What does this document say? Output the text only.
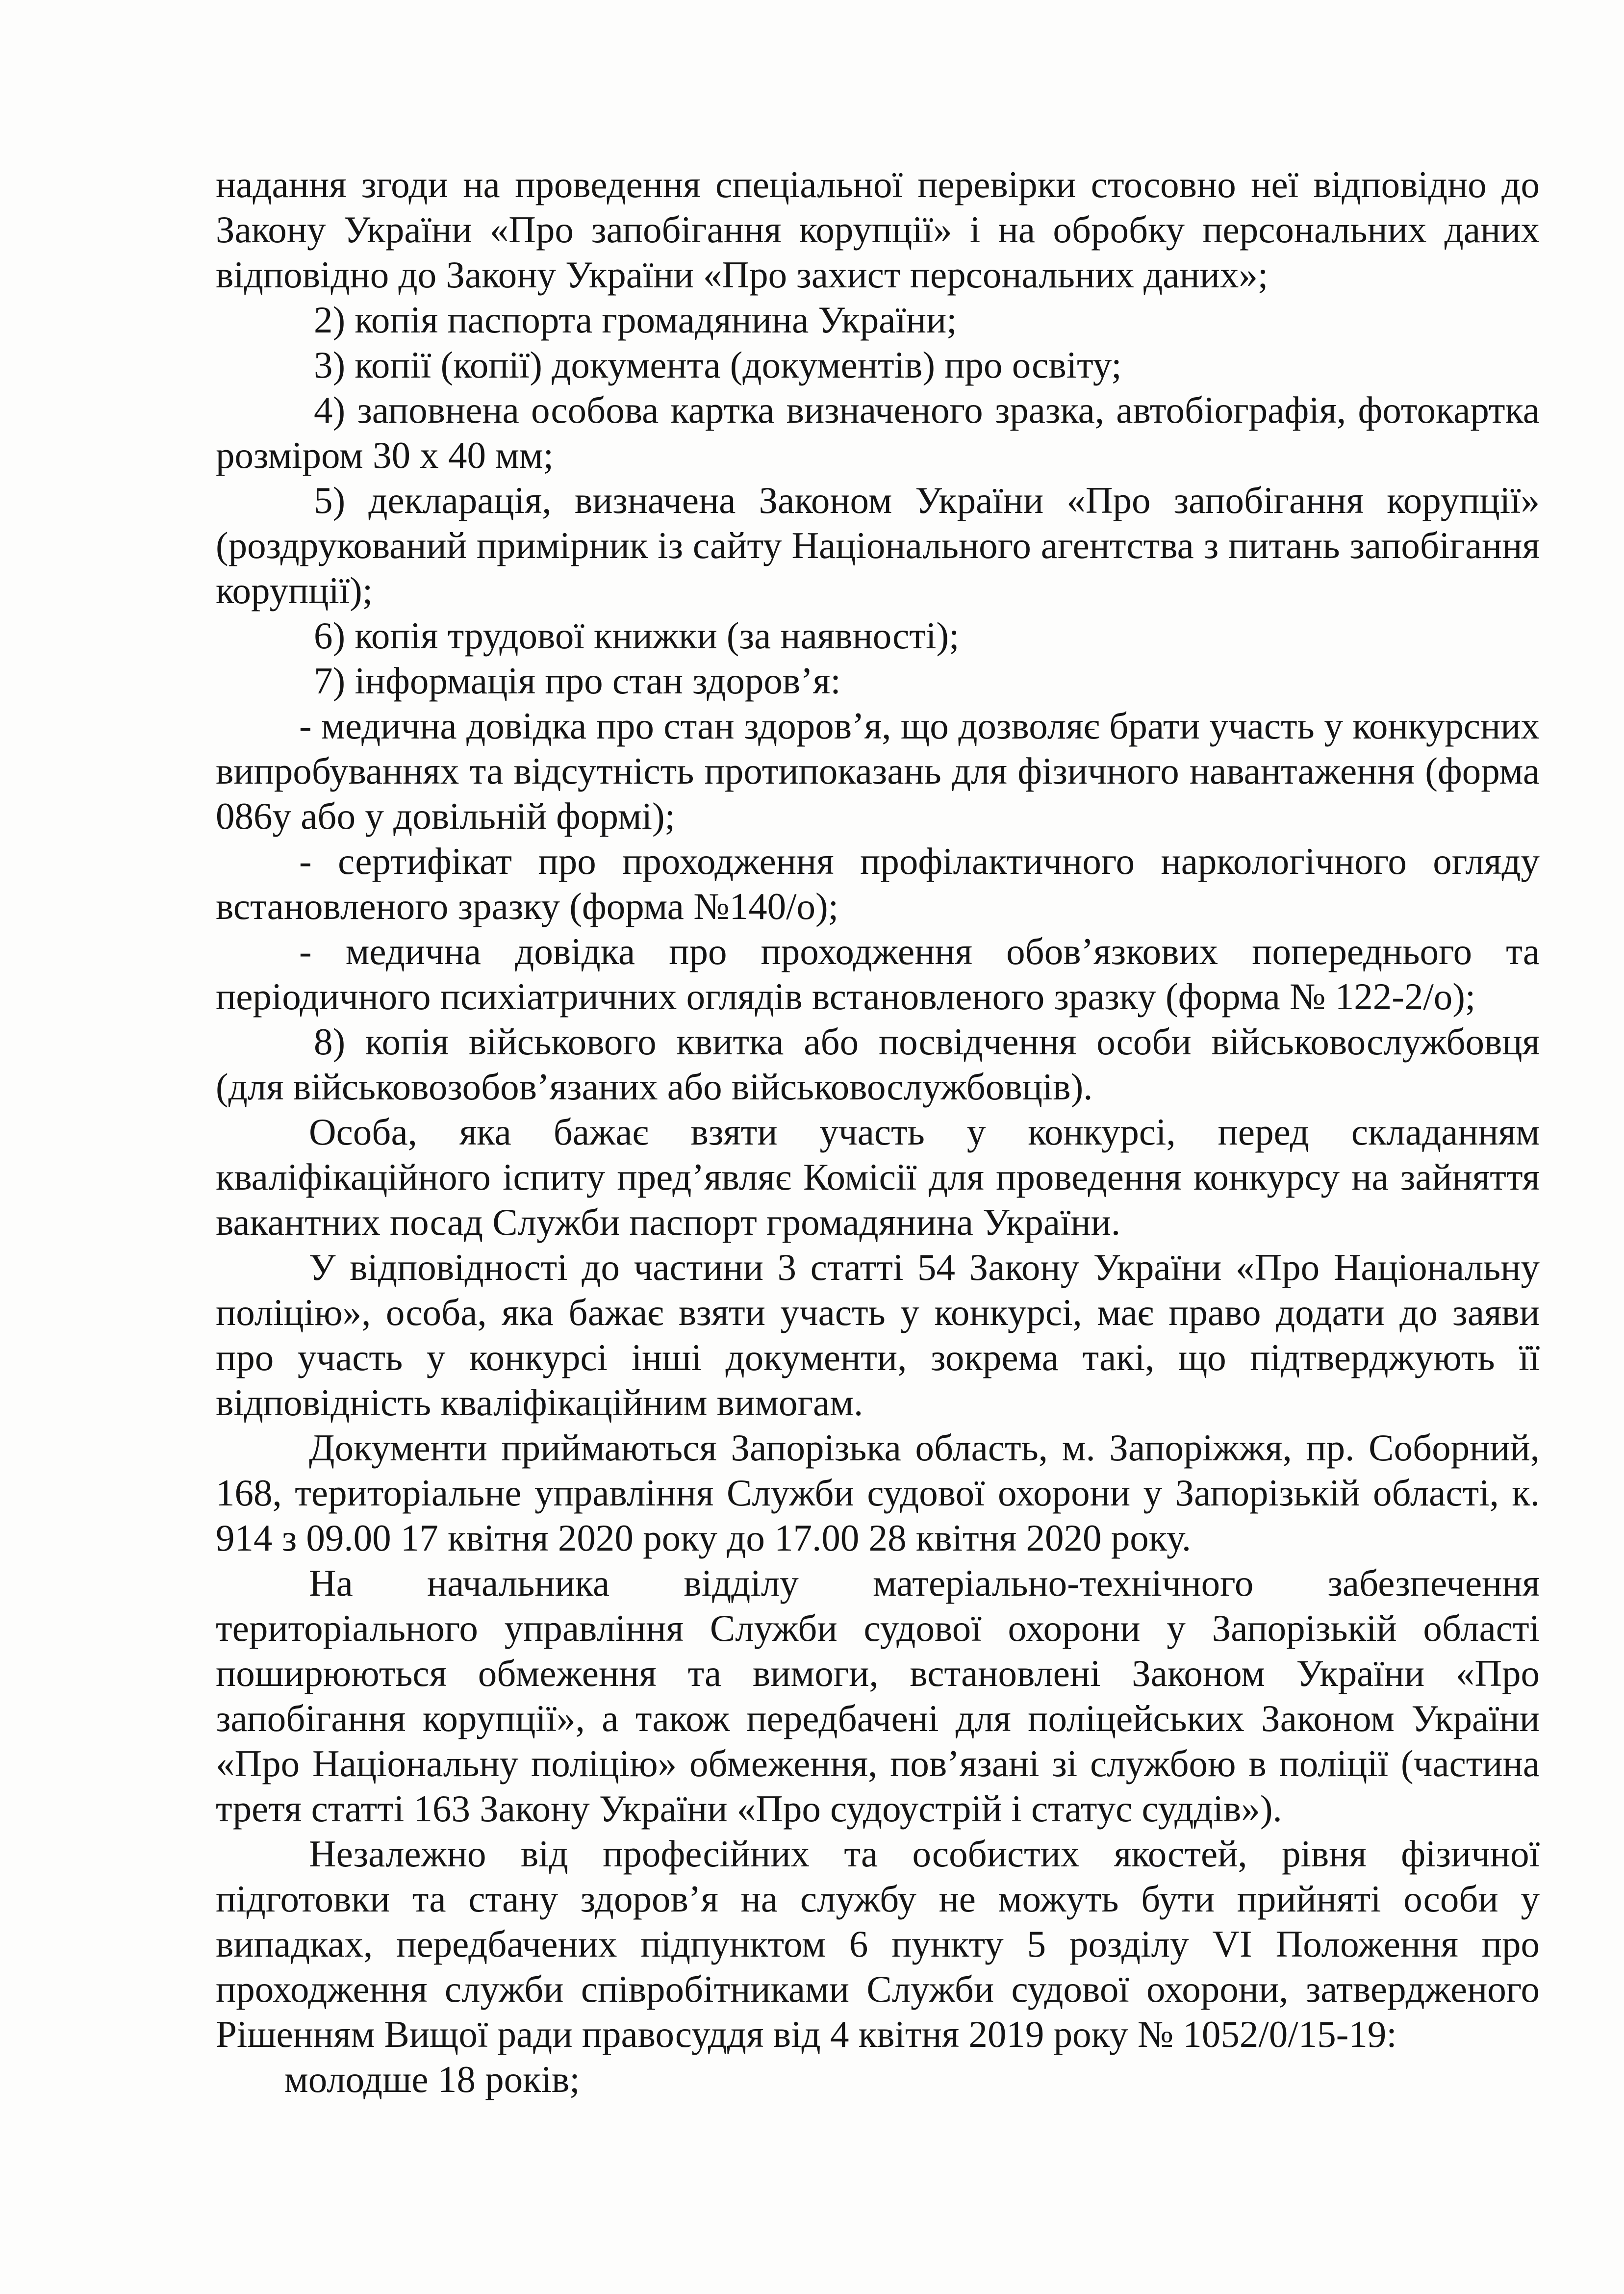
надання згоди на проведення спеціальної перевірки стосовно неї відповідно до Закону України «Про запобігання корупції» і на обробку персональних даних відповідно до Закону України «Про захист персональних даних»;

2) копія паспорта громадянина України;

3) копії (копії) документа (документів) про освіту;

4) заповнена особова картка визначеного зразка, автобіографія, фотокартка розміром 30 х 40 мм;

5) декларація, визначена Законом України «Про запобігання корупції» (роздрукований примірник із сайту Національного агентства з питань запобігання корупції);

6) копія трудової книжки (за наявності);

7) інформація про стан здоров’я:

- медична довідка про стан здоров’я, що дозволяє брати участь у конкурсних випробуваннях та відсутність протипоказань для фізичного навантаження (форма 086у або у довільній формі);

- сертифікат про проходження профілактичного наркологічного огляду встановленого зразку (форма №140/о);

- медична довідка про проходження обов’язкових попереднього та періодичного психіатричних оглядів встановленого зразку (форма № 122-2/о);

8) копія військового квитка або посвідчення особи військовослужбовця (для військовозобов’язаних або військовослужбовців).

Особа, яка бажає взяти участь у конкурсі, перед складанням кваліфікаційного іспиту пред’являє Комісії для проведення конкурсу на зайняття вакантних посад Служби паспорт громадянина України.

У відповідності до частини 3 статті 54 Закону України «Про Національну поліцію», особа, яка бажає взяти участь у конкурсі, має право додати до заяви про участь у конкурсі інші документи, зокрема такі, що підтверджують її відповідність кваліфікаційним вимогам.

Документи приймаються Запорізька область, м. Запоріжжя, пр. Соборний, 168, територіальне управління Служби судової охорони у Запорізькій області, к. 914 з 09.00 17 квітня 2020 року до 17.00 28 квітня 2020 року.

На начальника відділу матеріально-технічного забезпечення територіального управління Служби судової охорони у Запорізькій області поширюються обмеження та вимоги, встановлені Законом України «Про запобігання корупції», а також передбачені для поліцейських Законом України «Про Національну поліцію» обмеження, пов’язані зі службою в поліції (частина третя статті 163 Закону України «Про судоустрій і статус суддів»).

Незалежно від професійних та особистих якостей, рівня фізичної підготовки та стану здоров’я на службу не можуть бути прийняті особи у випадках, передбачених підпунктом 6 пункту 5 розділу VI Положення про проходження служби співробітниками Служби судової охорони, затвердженого Рішенням Вищої ради правосуддя від 4 квітня 2019 року № 1052/0/15-19:

молодше 18 років;
